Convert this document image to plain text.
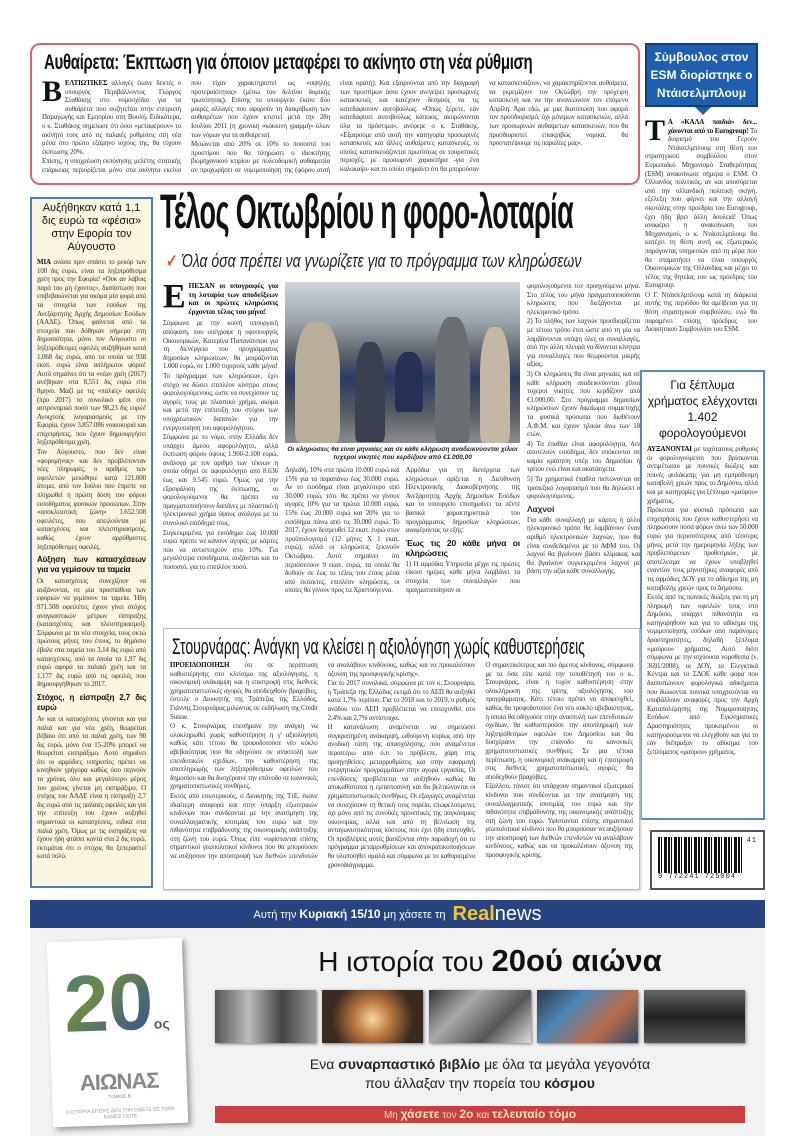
Αυθαίρετα: Έκπτωση για όποιον μεταφέρει το ακίνητο στη νέα ρύθμιση

ΒΕΛΤΙΩΤΙΚΕΣ αλλαγές έκανε δεκτές ο υπουργός Περιβάλλοντος Γιώργος Σταθάκης στο νομοσχέδιο για τα αυθαίρετα που συζητείται στην επιτροπή Παραγωγής και Εμπορίου στη Βουλή. Ειδικότερα, ο κ. Σταθάκης σημείωσε ότι όσοι «μεταφέρουν» το ακίνητό τους από τις παλαιές ρυθμίσεις στη νέα μέσα στο πρώτο εξάμηνο ισχύος της, θα τύχουν έκπτωσης 20%.

Επίσης, η υποχρέωση εκπόνησης μελέτης στατικής επάρκειας περιορίζεται μόνο στα ακίνητα εκείνα που είχαν χαρακτηριστεί ως «υψηλής προτεραιότητας» (μέσω του δελτίου δομικής τρωτότητας). Επίσης το υπουργείο έκανε δύο μικρές αλλαγές που αφορούν τη διακρίβωση των αυθαιρέτων που έχουν κτιστεί μετά την 28η Ιουλίου 2011 (η χρονική «κόκκινη γραμμή» όλων των νόμων για τα αυθαίρετα).

Μειώνεται από 20% σε 10% το ποσοστό του προστίμου που θα πληρώσει ο ιδιοκτήτης βιομηχανικού κτιρίου με πολεοδομική αυθαιρεσία αν προχωρήσει σε νομιμοποίηση της (φόρου αυτή είναι ορατή). Και εξαιρούνται από την διαγραφή των προστίμων όσοι έχουν ανεγείρει προσωρινές κατασκευές και κατέχουν δεσμούς να τις κατεδαφίσουν αυτοβούλως. «Όπως ξέρετε, εάν κατεδαφίσει αυτοβούλως κάποιος, ακυρώνονται όλα τα πρόστιμα», ανέφερε ο κ. Σταθάκης. «Εξαιρούμε από αυτή την κατηγορία προσωρινές κατασκευές και άλλες αυθαίρετες κατασκευές, οι οποίες κατασκευάζονται πρωτίστως σε τουριστικές περιοχές, με προσωρινό χαρακτήρα -για ένα καλοκαίρι- και το οποίο σημαίνει ότι θα μπορούσαν να κατασκευάζουν, να χαρακτηρίζονται αυθαίρετα, να γκρεμίζουν τον Οκτώβρη την πρόχειρη κατασκευή και να την ανανεώνουν τον επόμενο Απρίλη. Άρα εδώ, με μια διατύπωση που αφορά τον προσδιορισμό, όχι μόνιμων κατασκευών, αλλά των προσωρινών αυθαίρετων κατασκευών, που θα προσδιοριστεί επακριβώς νομικά, θα προστατέψουμε τις παραλίες μας».

Σύμβουλος στον ESM διορίστηκε ο Ντάισελμπλουμ

Τ Α «ΚΑΛΑ παιδιά» δεν... χάνονται από το Eurogroup! Το διορισμό του Γερούν Ντάισελμπλουμ στη θέση του στρατηγικού συμβούλου στον Ευρωπαϊκό Μηχανισμό Σταθερότητας (ESM) ανακοίνωσε σήμερα ο ESM. Ο Ολλανδός πολιτικός, αν και αποσύρεται από την ολλανδική πολιτική σκηνή, εξέλεξη που φέρνει και την αλλαγή σκυτάλης στην προεδρία του Eurogroup, έχει ήδη βρει άλλη δουλειά! Όπως αναφέρει η ανακοίνωση του Μηχανισμού, ο κ. Ντάισελμπλουμ θα κατέχει τη θέση αυτή ως εξωτερικός παράγοντας υπηρεσιών από τη μέρα που θα σταματήσει να είναι υπουργός Οικονομικών της Ολλανδίας και μέχρι το τέλος της θητείας του ως πρόεδρος του Eurogroup.

Ο Γ. Ντάισελμπλουμ κατά τη διάρκεια αυτής της περιόδου θα αμείβεται για τη θέση στρατηγικού συμβούλου, ενώ θα παραμένει επίσης πρόεδρος του Διοικητικού Συμβουλίου του ESM.

Για ξέπλυμα χρήματος ελέγχονται 1.402 φορολογούμενοι

ΑΥΞΑΝΟΝΤΑΙ με ταχύτατους ρυθμούς οι φορολογούμενοι που βρίσκονται αντιμέτωποι με ποινικές διώξεις και ποινές φυλάκισης για μη εμπρόθεσμη καταβολή χρεών προς το Δημόσιο, αλλά και με κατηγορίες για ξέπλυμα «μαύρου» χρήματος.

Πρόκειται για φυσικά πρόσωπα και επιχειρήσεις που έχουν καθυστερήσει να πληρώσουν ποσά φόρων άνω των 50.000 ευρώ για περισσότερους από τέσσερις μήνες μετά την ημερομηνία λήξης των προβλεπόμενων προθεσμιών, με αποτέλεσμα να έχουν υποβληθεί εναντίον τους μηνυτήριες αναφορές από τις αρμόδιες ΔΟΥ για το αδίκημα της μη καταβολής χρεών προς το Δημόσιο.

Εκτός από τις ποινικές διώξεις για τη μη πληρωμή των οφειλών τους στο Δημόσιο, υπάρχει πιθανότητα να κατηγορηθούν και για το αδίκημα της νομιμοποίησης εσόδων από παράνομες δραστηριότητες, δηλαδή ξέπλυμα «μαύρου» χρήματος. Αυτό διότι σύμφωνα με την ισχύουσα νομοθεσία (ν. 3691/2008), οι ΔΟΥ, τα Ελεγκτικά Κέντρα και το ΣΔΟΕ κάθε φορά που διαπιστώνουν φορολογικά αδικήματα που διώκονται ποινικά υποχρεούνται να υποβάλλουν αναφορές προς την Αρχή Καταπολέμησης της Νομιμοποίησης Εσόδων από Εγκληματικές Δραστηριότητες προκειμένου οι κατηγορούμενοι να ελεγχθούν και για το εάν διέπραξαν το αδίκημα του ξεπλύματος «μαύρου» χρήματος.

41
9 772241 725004
Αυξήθηκαν κατά 1,1 δις ευρώ τα «φέσια» στην Εφορία τον Αύγουστο

ΜΙΑ ανάσα πριν σπάσει το ρεκόρ των 100 δις ευρώ, είναι τα ληξιπρόθεσμα χρέη προς την Εφορία! «Ουκ αν λάβοις παρά του μη έχοντος», διαπίστωση που επιβεβαιώνεται για ακόμα μία φορά από τα στοιχεία των εσόδων της Ανεξάρτητης Αρχής Δημοσίων Εσόδων (ΑΑΔΕ). Όπως φαίνεται από τα στοιχεία που δόθηκαν σήμερα στη δημοσιότητα, μόνο τον Αύγουστο οι ληξιπρόθεσμες οφειλές αυξήθηκαν κατά 1,068 δις ευρώ, από τα οποία τα 938 εκατ. ευρώ είναι απλήρωτοι φόροι! Αυτό σημαίνει ότι τα «νέα» χρέη (2017) ανέβηκαν στα 8,551 δις ευρώ στο 8μηνο. Μαζί με τις «παλιές» οφειλές (προ 2017) το συνολικό φέσι στο αστρονομικό ποσό των 98,23 δις ευρώ! Ανοιχτούς λογαριασμούς με την Εφορία, έχουν 3.857.086 νοικοκυριά και επιχειρήσεις, που έχουν δημιουργήσει ληξιπρόθεσμα χρέη.

Τον Αύγουστο, που δεν είναι «φορομήνας» και δεν προβλέπονταν νέες πληρωμές, ο αριθμός των οφειλετών μειώθηκε κατά 121.000 άτομα, από τον Ιούλιο που έπρεπε να πληρωθεί η πρώτη δόση του φόρου εισοδήματος φυσικών προσώπων. Στην «αποκλειστική ζώνη» 1.652.508 οφειλέτες, που απειλούνται με κατασχέσεις και πλειστηριασμούς, καθώς έχουν αρρύθμιστες ληξιπρόθεσμες οφειλές.

Αύξηση των κατασχέσεων για να γεμίσουν τα ταμεία

Οι κατασχέσεις συνεχίζουν να αυξάνονται, σε μία προσπάθεια των εφοριών να γεμίσουν τα ταμεία. Ήδη 971.508 οφειλέτες έχουν γίνει στόχος αναγκαστικών μέτρων είσπραξης (κατασχέσεις και πλειστηριασμοί). Σύμφωνα με τα νέα στοιχεία, τους οκτώ πρώτους μήνες του έτους, το δημόσιο έβαλε στα ταμεία του 3,14 δις ευρώ από κατασχέσεις, από τα οποία τα 1,97 δις ευρώ αφορά τα παλαιά χρέη και τα 1,177 δις ευρώ από τις οφειλές που δημιουργήθηκαν το 2017.

Στόχος, η είσπραξη 2,7 δις ευρώ

Αν και οι κατασχέσεις γίνονται και για παλιά και για νέα χρέη, θεωρείται βέβαιο ότι από τα παλιά χρέη, των 90 δις ευρώ, μόνο ένα 15-20% μπορεί να θεωρείται εισπράξιμο. Αυτό σημαίνει ότι οι αρμόδιες υπηρεσίες πρέπει να κινηθούν γρήγορα καθώς όσο περνούν τα χρόνια, όλο και μεγαλύτερο μέρος του χρέους γίνεται μη εισπράξιμο. Ο στόχος του ΑΑΔΕ είναι η είσπραξη 2,7 δις ευρώ από τις παλαιές οφειλές και για την επίτευξη του έχουν αυξηθεί σημαντικά οι κατασχέσεις, ειδικά στα παλιά χρέη. Όμως με τις εισπράξεις να έχουν ήδη φτάσει κοντά στα 2 δις ευρώ, εκτιμάται ότι ο στόχος θα ξεπεραστεί κατά πολύ.

Τέλος Οκτωβρίου η φορο-λοταρία
✓ Όλα όσα πρέπει να γνωρίζετε για το πρόγραμμα των κληρώσεων

ΕΠΕΣΑΝ οι υπογραφές για τη λοταρία των αποδείξεων και οι πρώτες κληρώσεις έρχονται τέλος του μήνα!

Σύμφωνα με την κοινή υπουργική απόφαση, που υπέγραψε η υφυπουργός Οικονομικών, Κατερίνα Παπανάτσιου για τη διενέργεια του προγράμματος δημοσίων κληρώσεων, θα μοιράζονται 1.000 ευρώ, σε 1.000 τυχερούς κάθε μήνα!

Το πρόγραμμα των κληρώσεων, έχει στόχο να δώσει επιπλέον κίνητρο στους φορολογούμενους, ώστε να συνεχίσουν τις αγορές τους με πλαστικό χρήμα, ακόμα και μετά την επίτευξη του στόχου των υποχρεωτικών δαπανών για την ενεργοποίηση του αφορολόγητου.

Σύμφωνα με το νόμο, στην Ελλάδα δεν υπάρχει άμεσο αφορολόγητο, αλλά έκπτωση φόρου ύψους 1.900-2.100 ευρώ, ανάλογα με τον αριθμό των τέκνων η οποία οδηγεί σε αφορολόγητο από 8.636 έως και 9.545 ευρώ. Όμως για την εξασφάλιση της έκπτωσης, οι φορολογούμενοι θα πρέπει να πραγματοποιήσουν δαπάνες με πλαστικό ή ηλεκτρονικό χρήμα ύψους ανάλογα με το συνολικό εισόδημά τους.

Συγκεκριμένα, για εισόδημα έως 10.000 ευρώ πρέπει να κάνουν αγορές με κάρτες που να αντιστοιχούν στο 10%. Για μεγαλύτερα εισοδήματα, αυξάνεται και το ποσοστό, για το επιπλέον ποσό.

Οι κληρώσεις θα είναι μηνιαίες και σε κάθε κλήρωση αναδεικνύονται χίλιοι τυχεροί νικητές που κερδίζουν από €1.000,00

Δηλαδή, 10% στα πρώτα 10.000 ευρώ και 15% για τα παραπάνω έως 30.000 ευρώ. Αν το εισόδημα είναι μεγαλύτερο από 30.000 ευρώ, τότε θα πρέπει να γίνουν αγορές 10% για τα πρώτα 10.000 ευρώ, 15% έως 20.000 ευρώ και 20% για το εισόδημα πάνω από τις 30.000 ευρώ. Το 2017, έχουν δεσμευθεί 12 εκατ. ευρώ στον προϋπολογισμό (12 μήνες Χ 1 εκατ. ευρώ), αλλά οι κληρώσεις ξεκινούν Οκτώβριο. Αυτό σημαίνει ότι περισσεύουν 9 εκατ. ευρώ, τα οποία θα δοθούν σε έως το τέλος του έτους μέσα από έκτακτες, επιπλέον κληρώσεις, οι οποίες θα γίνουν προς τα Χριστούγεννα.

Αρμόδια για τη διενέργεια των κληρώσεων ορίζεται η Διεύθυνση Ηλεκτρονικής Διακυβέρνησης της Ανεξάρτητης Αρχής Δημοσίων Εσόδων και το υπουργείο επισημαίνει τα πέντε βασικά χαρακτηριστικά του προγράμματος δημοσίων κληρώσεων, αναφέροντας τα εξής:

Έως τις 20 κάθε μήνα οι κληρώσεις

1) Η αρμόδια Υπηρεσία μέχρι τις πρώτες είκοσι ημέρες κάθε μήνα λαμβάνει τα στοιχεία των συναλλαγών που πραγματοποίησαν οι

φορολογούμενοι τον προηγούμενο μήνα. Στο τέλος του μήνα πραγματοποιούνται κληρώσεις που διεξάγονται με ηλεκτρονικό τρόπο.

2) Το πλήθος των λαχνών προσδιορίζεται με τέτοιο τρόπο έτσι ώστε από τη μία να λαμβάνονται υπόψη όλες οι συναλλαγές, από την άλλη πλευρά να δίνονται κίνητρα για συναλλαγές που θεωρούνται μικρής αξίας.

3) Οι κληρώσεις θα είναι μηνιαίες και σε κάθε κλήρωση αναδεικνύονται χίλιοι τυχεροί νικητές που κερδίζουν από €1.000,00. Στο πρόγραμμα δημοσίων κληρώσεων έχουν δικαίωμα συμμετοχής τα φυσικά πρόσωπα που διαθέτουν Α.Φ.Μ. και έχουν ηλικία άνω των 18 ετών.

4) Τα έπαθλα είναι αφορολόγητα, δεν αποτελούν εισόδημα, δεν υπόκεινται σε καμία κράτηση υπέρ του Δημοσίου ή τρίτου ενώ είναι και ακατάσχετα.

5) Τα χρηματικά έπαθλα πιστώνονται σε τραπεζικό λογαριασμό που θα δηλώσει ο φορολογούμενος.

Λαχνοί

Για κάθε συναλλαγή με κάρτες ή άλλο ηλεκτρονικό τρόπο θα λαμβάνουν έναν αριθμό ηλεκτρονικών λαχνών, που θα είναι συνδεδεμένοι με το ΑΦΜ του. Οι λαχνοί θα βγαίνουν βάσει κλίμακας και θα βγαίνουν συγκεκριμένοι λαχνοί με βάση την αξία κάθε συναλλαγής.

Στουρνάρας: Ανάγκη να κλείσει η αξιολόγηση χωρίς καθυστερήσεις

ΠΡΟΕΙΔΟΠΟΙΗΣΗ ότι σε περίπτωση καθυστέρησης στο κλείσιμο της αξιολόγησης, η οικονομική ανάκαμψη και η επιστροφή στις διεθνείς χρηματοπιστωτικές αγορές θα αποδειχθούν βραχύβιες, έστειλε ο Διοικητής της Τράπεζας της Ελλάδος, Γιάννης Στουρνάρας μιλώντας σε εκδήλωση της Credit Suisse.

Ο κ. Στουρνάρας επεσήμανε την ανάγκη να ολοκληρωθεί χωρίς καθυστέρηση η γ' αξιολόγηση καθώς κάτι τέτοιο θα τροφοδοτούσε νέο κύκλο αβεβαιότητας που θα οδηγούσε σε αναστολή των επενδυτικών σχεδίων, την καθυστέρηση της αποπληρωμής των ληξιπρόθεσμων οφειλών του δημοσίου και θα δυσχέραινε την επάνοδο σε κανονικές χρηματοπιστωτικές συνθήκες.

Εκτός από εσωτερικούς, ο Διοικητής της ΤτΕ, έκανε ιδιαίτερη αναφορά και στην ύπαρξη εξωτερικών κινδύνων που συνδέονται με την ανατίμηση της συναλλαγματικής ισοτιμίας του ευρώ και την πιθανότητα επιβράδυνσης της οικονομικής ανάπτυξης στη ζώνη του ευρώ. Όπως είπε «υφίστανται επίσης σημαντικοί γεωπολιτικοί κίνδυνοι που θα μπορούσαν να αυξήσουν την αποστροφή των διεθνών επενδυτών να αναλάβουν κινδύνους, καθώς και να προκαλέσουν όξυνση της προσφυγικής κρίσης».

Για το 2017 συνολικά, σύμφωνα με τον κ. Στουρνάρα, η Τράπεζα της Ελλάδος εκτιμά ότι το ΑΕΠ θα αυξηθεί κατά 1,7% περίπου. Για το 2018 και το 2019, ο ρυθμός ανόδου του ΑΕΠ προβλέπεται να επιταχυνθεί στο 2,4% και 2,7% αντίστοιχα.

Η κατανάλωση αναμένεται να σημειώσει συγκρατημένη ανάκαμψη, ωθούμενη κυρίως από την ανοδική τάση της απασχόλησης, που αναμένεται περαιτέρω από ό,τι το πρόβλεπε, χάρη στις προηγηθείσες μεταρρυθμίσεις και στην εφαρμογή ενεργητικών προγραμμάτων στην αγορά εργασίας. Οι επενδύσεις προβλέπεται να αυξηθούν καθώς θα αποκαθίσταται η εμπιστοσύνη και θα βελτιώνονται οι χρηματοπιστωτικές συνθήκες. Οι εξαγωγές αναμένεται να συνεχίσουν τη θετική τους πορεία, επωφελούμενες όχι μόνο από τις ευνοϊκές προοπτικές της παγκόσμιας οικονομίας, αλλά και από τη βελτίωση της ανταγωνιστικότητας κόστους που έχει ήδη επιτευχθεί. Οι προβλέψεις αυτές βασίζονται στην παραδοχή ότι το πρόγραμμα μεταρρυθμίσεων και αποκρατικοποιήσεων θα υλοποιηθεί ομαλά και σύμφωνα με το καθορισμένο χρονοδιάγραμμα.

Ο σημαντικότερος και πιο άμεσος κίνδυνος, σύμφωνα με τα όσα είπε κατά την τοποθέτησή του ο κ. Στουρνάρας, είναι η τυχόν καθυστέρηση στην ολοκλήρωση της τρίτης αξιολόγησης του προγράμματος. Κάτι τέτοιο πρέπει να αποφευχθεί, καθώς θα τροφοδοτούσε ένα νέο κύκλο αβεβαιότητας, η οποία θα οδηγούσε στην αναστολή των επενδυτικών σχεδίων, θα καθυστερούσε την αποπληρωμή των ληξιπρόθεσμων οφειλών του Δημοσίου και θα δυσχέραινε την επάνοδο σε κανονικές χρηματοπιστωτικές συνθήκες. Σε μια τέτοια περίπτωση, η οικονομική ανάκαμψη και η επιστροφή στις διεθνείς χρηματοπιστωτικές αγορές θα αποδεχθούν βραχύβιες.

Εξάλλου, τόνισε ότι υπάρχουν σημαντικοί εξωτερικοί κίνδυνοι που συνδέονται με την ανατίμηση της συναλλαγματικής ισοτιμίας του ευρώ και την πιθανότητα επιβράδυνσης της οικονομικής ανάπτυξης στη ζώνη του ευρώ. Υφίστανται επίσης σημαντικοί γεωπολιτικοί κίνδυνοι που θα μπορούσαν να αυξήσουν την αποστροφή των διεθνών επενδυτών να αναλάβουν κινδύνους, καθώς και να προκαλέσουν όξυνση της προσφυγικής κρίσης.

Αυτή την Κυριακή 15/10 μη χάσετε τη Realnews
20ος
ΑΙΩΝΑΣ
ΤΟΜΟΣ Β
Η ΙΣΤΟΡΙΑ ΕΠΙΣΗΣ ΔΕΝ ΤΗΝ ΕΙΔΕΤΕ ΩΣ ΤΩΡΑ ΚΑΝΕΙΣ ΠΟΤΕ
Η ιστορία του 20ού αιώνα
Ενα συναρπαστικό βιβλίο με όλα τα μεγάλα γεγονότα
που άλλαξαν την πορεία του κόσμου
Μη χάσετε τον 2ο και τελευταίο τόμο
